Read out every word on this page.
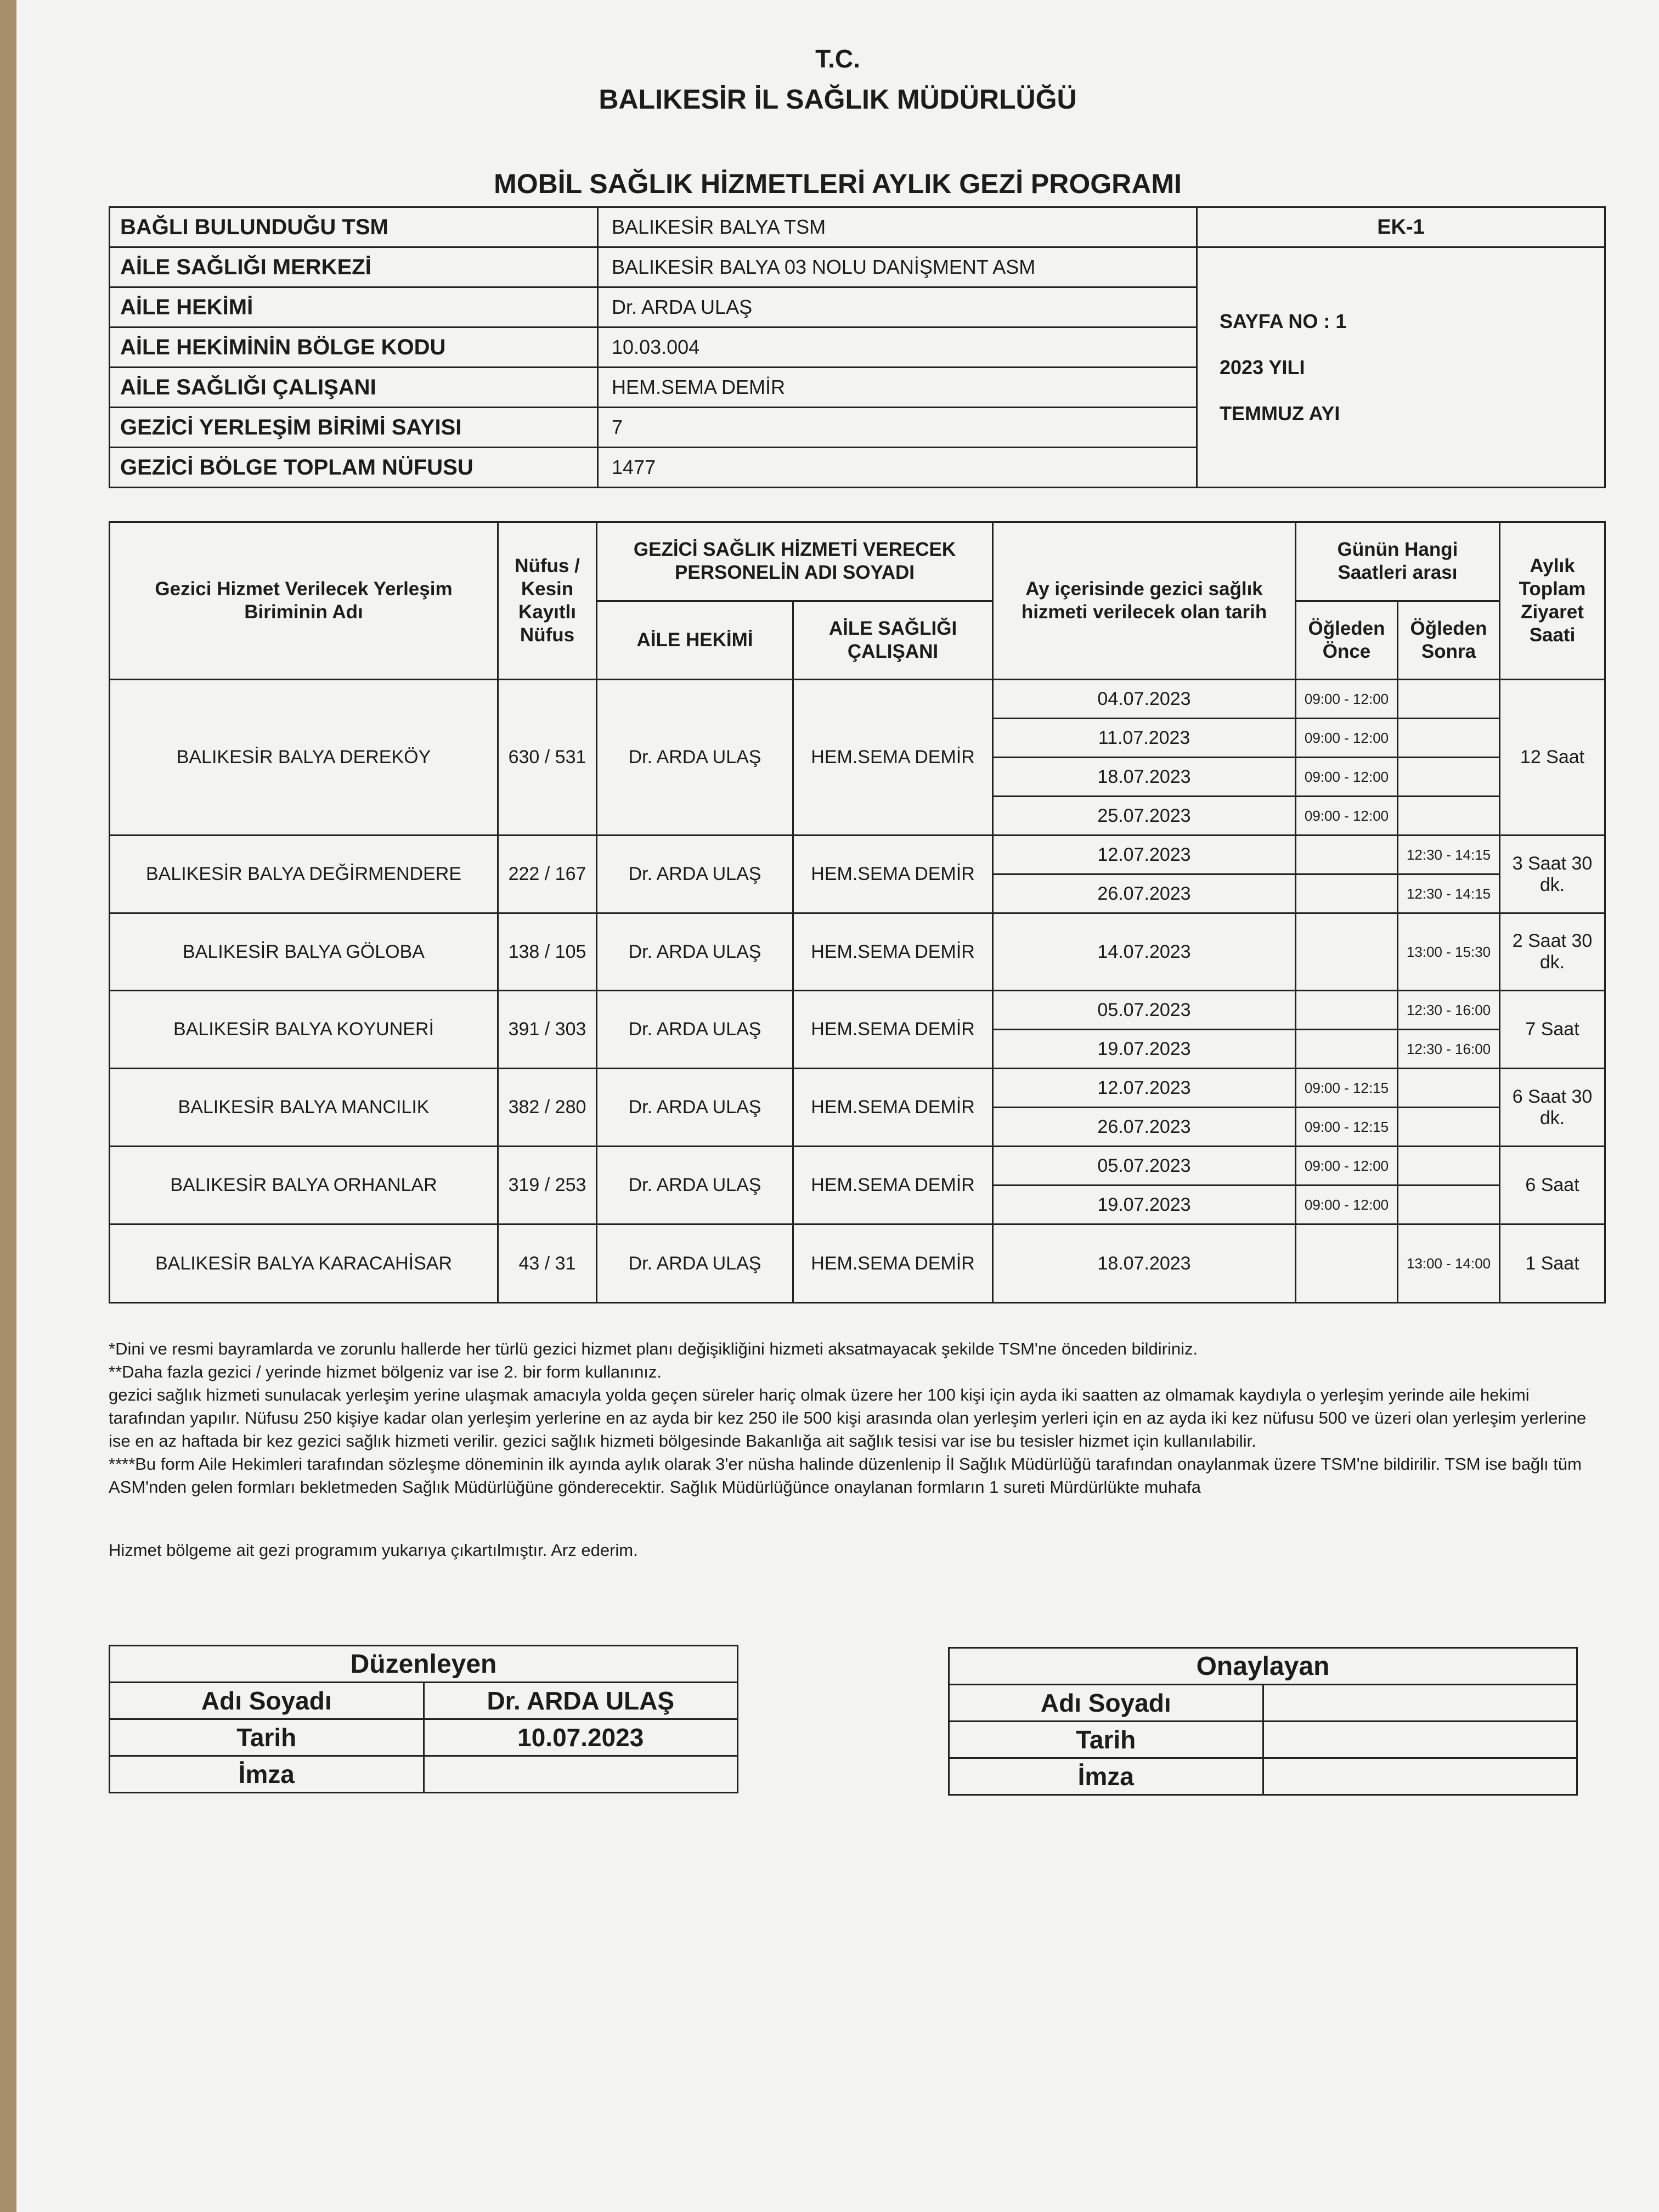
T.C.
BALIKESİR İL SAĞLIK MÜDÜRLÜĞÜ
MOBİL SAĞLIK HİZMETLERİ AYLIK GEZİ PROGRAMI
BAĞLI BULUNDUĞU TSM	BALIKESİR BALYA TSM	EK-1
AİLE SAĞLIĞI MERKEZİ	BALIKESİR BALYA 03 NOLU DANİŞMENT ASM	SAYFA NO : 1
2023 YILI
TEMMUZ AYI

AİLE HEKİMİ	Dr. ARDA ULAŞ	
AİLE HEKİMİNİN BÖLGE KODU	10.03.004	
AİLE SAĞLIĞI ÇALIŞANI	HEM.SEMA DEMİR	
GEZİCİ YERLEŞİM BİRİMİ SAYISI	7	
GEZİCİ BÖLGE TOPLAM NÜFUSU	1477	
Gezici Hizmet Verilecek Yerleşim Biriminin Adı	Nüfus / Kesin Kayıtlı Nüfus	GEZİCİ SAĞLIK HİZMETİ VERECEK PERSONELİN ADI SOYADI		Ay içerisinde gezici sağlık hizmeti verilecek olan tarih	Günün Hangi Saatleri arası		Aylık Toplam Ziyaret Saati
		AİLE HEKİMİ	AİLE SAĞLIĞI ÇALIŞANI		Öğleden Önce	Öğleden Sonra	
BALIKESİR BALYA DEREKÖY	630 / 531	Dr. ARDA ULAŞ	HEM.SEMA DEMİR	04.07.2023	09:00 - 12:00		12 Saat
				11.07.2023	09:00 - 12:00		
				18.07.2023	09:00 - 12:00		
				25.07.2023	09:00 - 12:00		
BALIKESİR BALYA DEĞİRMENDERE	222 / 167	Dr. ARDA ULAŞ	HEM.SEMA DEMİR	12.07.2023		12:30 - 14:15	3 Saat 30 dk.
				26.07.2023		12:30 - 14:15	
BALIKESİR BALYA GÖLOBA	138 / 105	Dr. ARDA ULAŞ	HEM.SEMA DEMİR	14.07.2023		13:00 - 15:30	2 Saat 30 dk.
BALIKESİR BALYA KOYUNERİ	391 / 303	Dr. ARDA ULAŞ	HEM.SEMA DEMİR	05.07.2023		12:30 - 16:00	7 Saat
				19.07.2023		12:30 - 16:00	
BALIKESİR BALYA MANCILIK	382 / 280	Dr. ARDA ULAŞ	HEM.SEMA DEMİR	12.07.2023	09:00 - 12:15		6 Saat 30 dk.
				26.07.2023	09:00 - 12:15		
BALIKESİR BALYA ORHANLAR	319 / 253	Dr. ARDA ULAŞ	HEM.SEMA DEMİR	05.07.2023	09:00 - 12:00		6 Saat
				19.07.2023	09:00 - 12:00		
BALIKESİR BALYA KARACAHİSAR	43 / 31	Dr. ARDA ULAŞ	HEM.SEMA DEMİR	18.07.2023		13:00 - 14:00	1 Saat

*Dini ve resmi bayramlarda ve zorunlu hallerde her türlü gezici hizmet planı değişikliğini hizmeti aksatmayacak şekilde TSM'ne önceden bildiriniz.

**Daha fazla gezici / yerinde hizmet bölgeniz var ise 2. bir form kullanınız.

gezici sağlık hizmeti sunulacak yerleşim yerine ulaşmak amacıyla yolda geçen süreler hariç olmak üzere her 100 kişi için ayda iki saatten az olmamak kaydıyla o yerleşim yerinde aile hekimi tarafından yapılır. Nüfusu 250 kişiye kadar olan yerleşim yerlerine en az ayda bir kez 250 ile 500 kişi arasında olan yerleşim yerleri için en az ayda iki kez nüfusu 500 ve üzeri olan yerleşim yerlerine ise en az haftada bir kez gezici sağlık hizmeti verilir. gezici sağlık hizmeti bölgesinde Bakanlığa ait sağlık tesisi var ise bu tesisler hizmet için kullanılabilir.

****Bu form Aile Hekimleri tarafından sözleşme döneminin ilk ayında aylık olarak 3'er nüsha halinde düzenlenip İl Sağlık Müdürlüğü tarafından onaylanmak üzere TSM'ne bildirilir. TSM ise bağlı tüm ASM'nden gelen formları bekletmeden Sağlık Müdürlüğüne gönderecektir. Sağlık Müdürlüğünce onaylanan formların 1 sureti Mürdürlükte muhafa

Hizmet bölgeme ait gezi programım yukarıya çıkartılmıştır. Arz ederim.
Düzenleyen	
Adı Soyadı	Dr. ARDA ULAŞ
Tarih	10.07.2023
İmza	
Onaylayan	
Adı Soyadı	
Tarih	
İmza	
